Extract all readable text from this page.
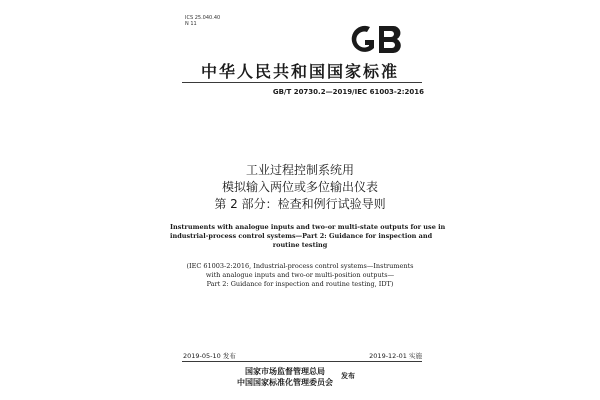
ICS 25.040.40
N 11
中华人民共和国国家标准
GB/T 20730.2—2019/IEC 61003-2:2016
工业过程控制系统用
模拟输入两位或多位输出仪表
第 2 部分：检查和例行试验导则
Instruments with analogue inputs and two-or multi-state outputs for use in
industrial-process control systems—Part 2: Guidance for inspection and
routine testing
(IEC 61003-2:2016, Industrial-process control systems—Instruments
with analogue inputs and two-or multi-position outputs—
Part 2: Guidance for inspection and routine testing, IDT)
2019-05-10 发布	2019-12-01 实施
国家市场监督管理总局
中国国家标准化管理委员会
发布
